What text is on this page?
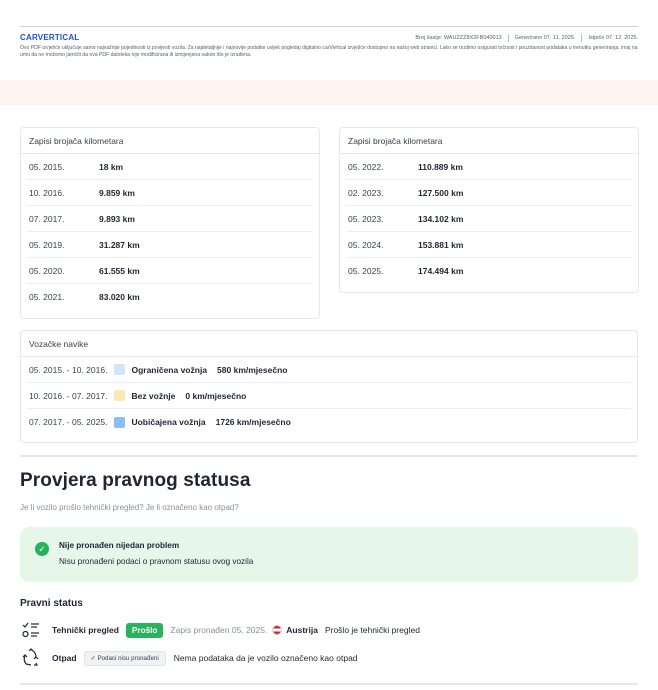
CARVERTICAL	Broj šasije: WAUZZZ8X2FB040013 Generirano 07. 11. 2025. Istječe 07. 12. 2025.
Ovo PDF izvješće uključuje samo najvažnije pojedinosti iz povijesti vozila. Za najdetaljnije i najnovije podatke uvijek pogledaj digitalno carVertical izvješće dostupno na našoj web stranici. Lako se trudimo osigurati točnost i pouzdanost podataka u trenutku generiranja, imaj na umu da ne možemo jamčiti da ova PDF datoteka nije modificirana ili izmijenjena nakon što je izrađena.
Zapisi brojača kilometara
05. 2015.	18 km
10. 2016.	9.859 km
07. 2017.	9.893 km
05. 2019.	31.287 km
05. 2020.	61.555 km
05. 2021.	83.020 km
Zapisi brojača kilometara
05. 2022.	110.889 km
02. 2023.	127.500 km
05. 2023.	134.102 km
05. 2024.	153.881 km
05. 2025.	174.494 km
Vozačke navike
05. 2015. - 10. 2016.	Ograničena vožnja 580 km/mjesečno
10. 2016. - 07. 2017.	Bez vožnje 0 km/mjesečno
07. 2017. - 05. 2025.	Uobičajena vožnja 1726 km/mjesečno
Provjera pravnog statusa
Je li vozilo prošlo tehnički pregled? Je li označeno kao otpad?
✓	Nije pronađen nijedan problem
Nisu pronađeni podaci o pravnom statusu ovog vozila
Pravni status
Tehnički pregled	Prošlo	Zapis pronađen 05. 2025. Austrija Prošlo je tehnički pregled
Otpad	✓ Podaci nisu pronađeni	Nema podataka da je vozilo označeno kao otpad
